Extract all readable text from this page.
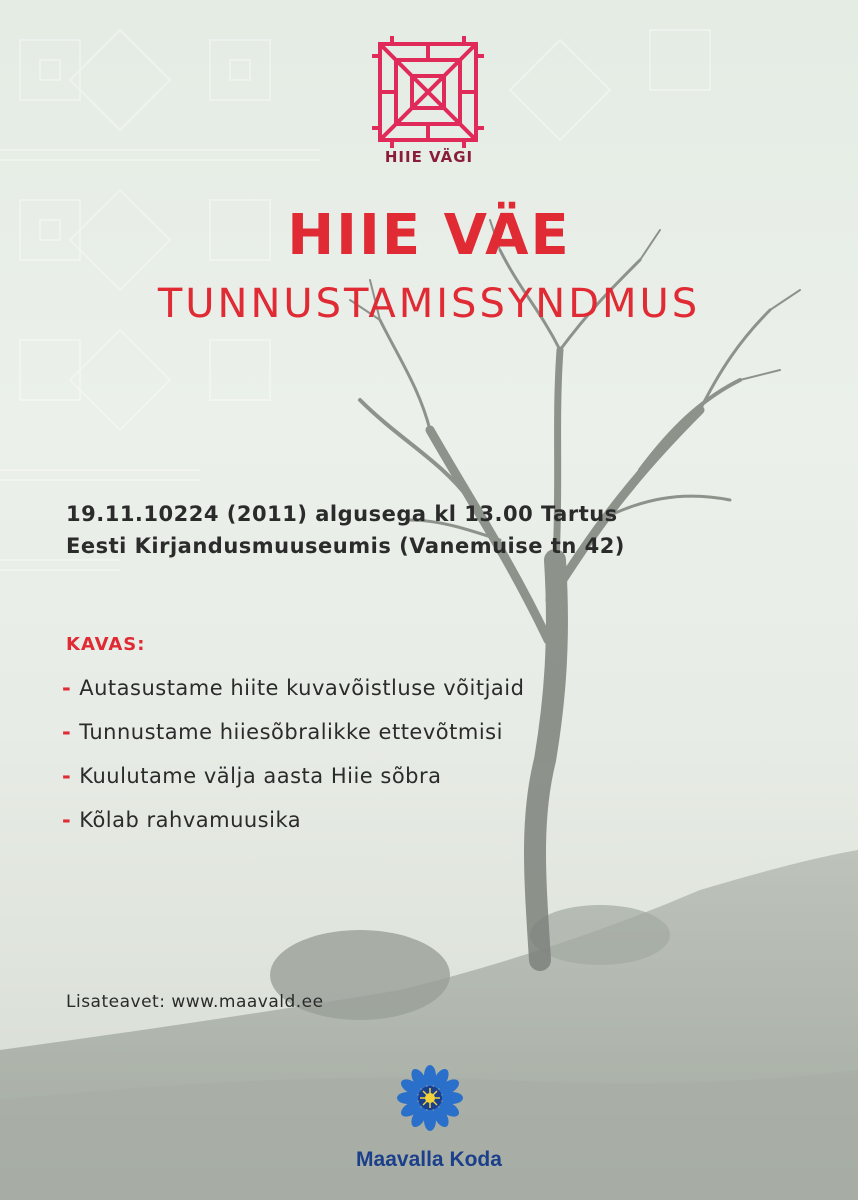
HIIE VÄGI
HIIE VÄE
TUNNUSTAMISSYNDMUS
19.11.10224 (2011) algusega kl 13.00 Tartus
Eesti Kirjandusmuuseumis (Vanemuise tn 42)
KAVAS:
- Autasustame hiite kuvavõistluse võitjaid
- Tunnustame hiiesõbralikke ettevõtmisi
- Kuulutame välja aasta Hiie sõbra
- Kõlab rahvamuusika
Lisateavet: www.maavald.ee
Maavalla Koda
